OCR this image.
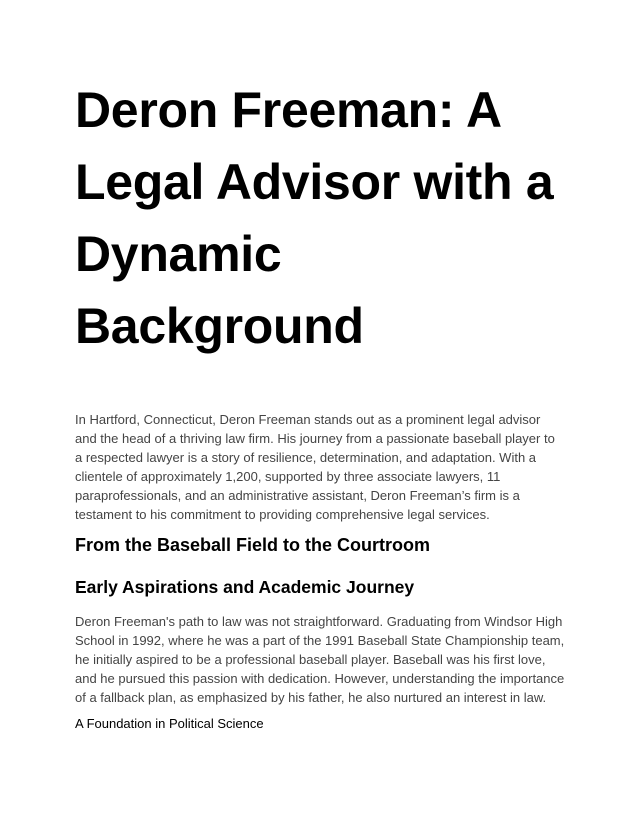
Deron Freeman: A Legal Advisor with a Dynamic Background

In Hartford, Connecticut, Deron Freeman stands out as a prominent legal advisor and the head of a thriving law firm. His journey from a passionate baseball player to a respected lawyer is a story of resilience, determination, and adaptation. With a clientele of approximately 1,200, supported by three associate lawyers, 11 paraprofessionals, and an administrative assistant, Deron Freeman’s firm is a testament to his commitment to providing comprehensive legal services.

From the Baseball Field to the Courtroom
Early Aspirations and Academic Journey

Deron Freeman's path to law was not straightforward. Graduating from Windsor High School in 1992, where he was a part of the 1991 Baseball State Championship team, he initially aspired to be a professional baseball player. Baseball was his first love, and he pursued this passion with dedication. However, understanding the importance of a fallback plan, as emphasized by his father, he also nurtured an interest in law.

A Foundation in Political Science
